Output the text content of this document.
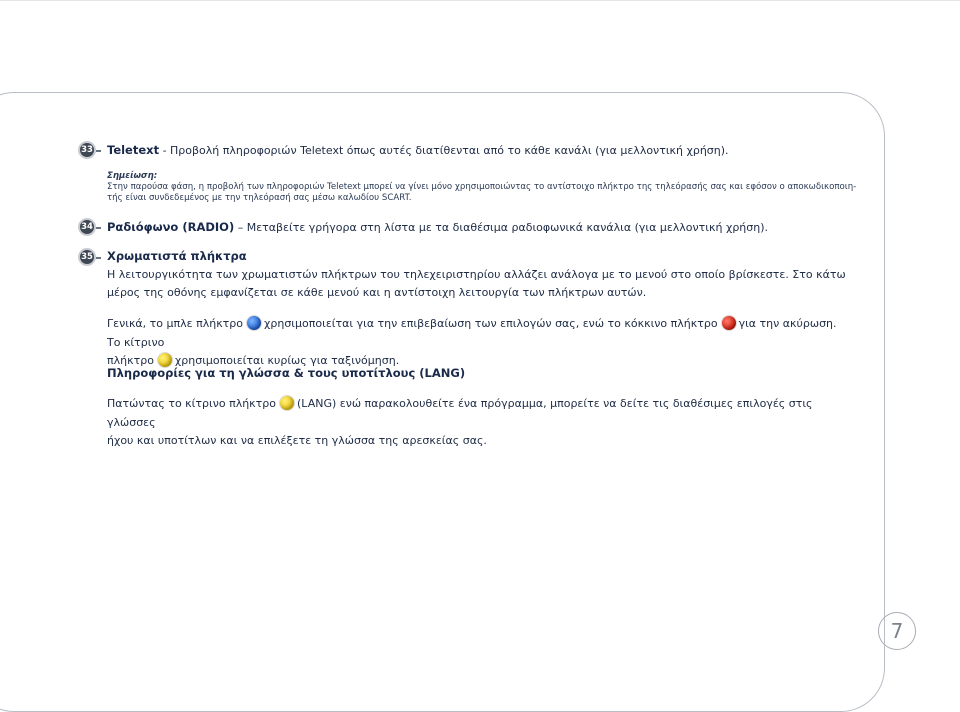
33 Teletext - Προβολή πληροφοριών Teletext όπως αυτές διατίθενται από το κάθε κανάλι (για μελλοντική χρήση).
Σημείωση:
Στην παρούσα φάση, η προβολή των πληροφοριών Teletext μπορεί να γίνει μόνο χρησιμοποιώντας το αντίστοιχο πλήκτρο της τηλεόρασής σας και εφόσον ο αποκωδικοποιη-
τής είναι συνδεδεμένος με την τηλεόρασή σας μέσω καλωδίου SCART.
34 Ραδιόφωνο (RADIO) – Μεταβείτε γρήγορα στη λίστα με τα διαθέσιμα ραδιοφωνικά κανάλια (για μελλοντική χρήση).
35 Χρωματιστά πλήκτρα
Η λειτουργικότητα των χρωματιστών πλήκτρων του τηλεχειριστηρίου αλλάζει ανάλογα με το μενού στο οποίο βρίσκεστε. Στο κάτω
μέρος της οθόνης εμφανίζεται σε κάθε μενού και η αντίστοιχη λειτουργία των πλήκτρων αυτών.
Γενικά, το μπλε πλήκτρο χρησιμοποιείται για την επιβεβαίωση των επιλογών σας, ενώ το κόκκινο πλήκτρο για την ακύρωση. Το κίτρινο
πλήκτρο χρησιμοποιείται κυρίως για ταξινόμηση.
Πληροφορίες για τη γλώσσα & τους υποτίτλους (LANG)
Πατώντας το κίτρινο πλήκτρο (LANG) ενώ παρακολουθείτε ένα πρόγραμμα, μπορείτε να δείτε τις διαθέσιμες επιλογές στις γλώσσες
ήχου και υποτίτλων και να επιλέξετε τη γλώσσα της αρεσκείας σας.
7
